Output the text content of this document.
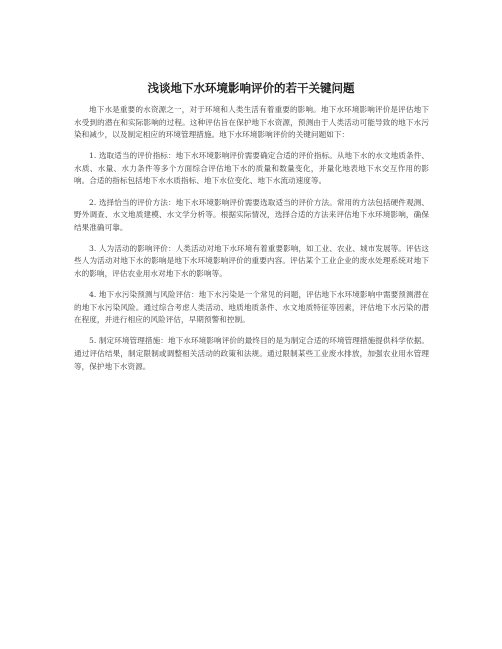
浅谈地下水环境影响评价的若干关键问题

地下水是重要的水资源之一，对于环境和人类生活有着重要的影响。地下水环境影响评价是评估地下水受到的潜在和实际影响的过程。这种评估旨在保护地下水资源，预测由于人类活动可能导致的地下水污染和减少，以及制定相应的环境管理措施。地下水环境影响评价的关键问题如下：

1. 选取适当的评价指标：地下水环境影响评价需要确定合适的评价指标。从地下水的水文地质条件、水质、水量、水力条件等多个方面综合评估地下水的质量和数量变化，并量化地表地下水交互作用的影响。合适的指标包括地下水水质指标、地下水位变化、地下水流动速度等。

2. 选择恰当的评价方法：地下水环境影响评价需要选取适当的评价方法。常用的方法包括硬件观测、野外调查、水文地质建模、水文学分析等。根据实际情况，选择合适的方法来评估地下水环境影响，确保结果准确可靠。

3. 人为活动的影响评价：人类活动对地下水环境有着重要影响，如工业、农业、城市发展等。评估这些人为活动对地下水的影响是地下水环境影响评价的重要内容。评估某个工业企业的废水处理系统对地下水的影响，评估农业用水对地下水的影响等。

4. 地下水污染预测与风险评估：地下水污染是一个常见的问题，评估地下水环境影响中需要预测潜在的地下水污染风险。通过综合考虑人类活动、地质地质条件、水文地质特征等因素，评估地下水污染的潜在程度，并进行相应的风险评估，早期预警和控制。

5. 制定环境管理措施：地下水环境影响评价的最终目的是为制定合适的环境管理措施提供科学依据。通过评估结果，制定限制或调整相关活动的政策和法规。通过限制某些工业废水排放，加强农业用水管理等，保护地下水资源。
